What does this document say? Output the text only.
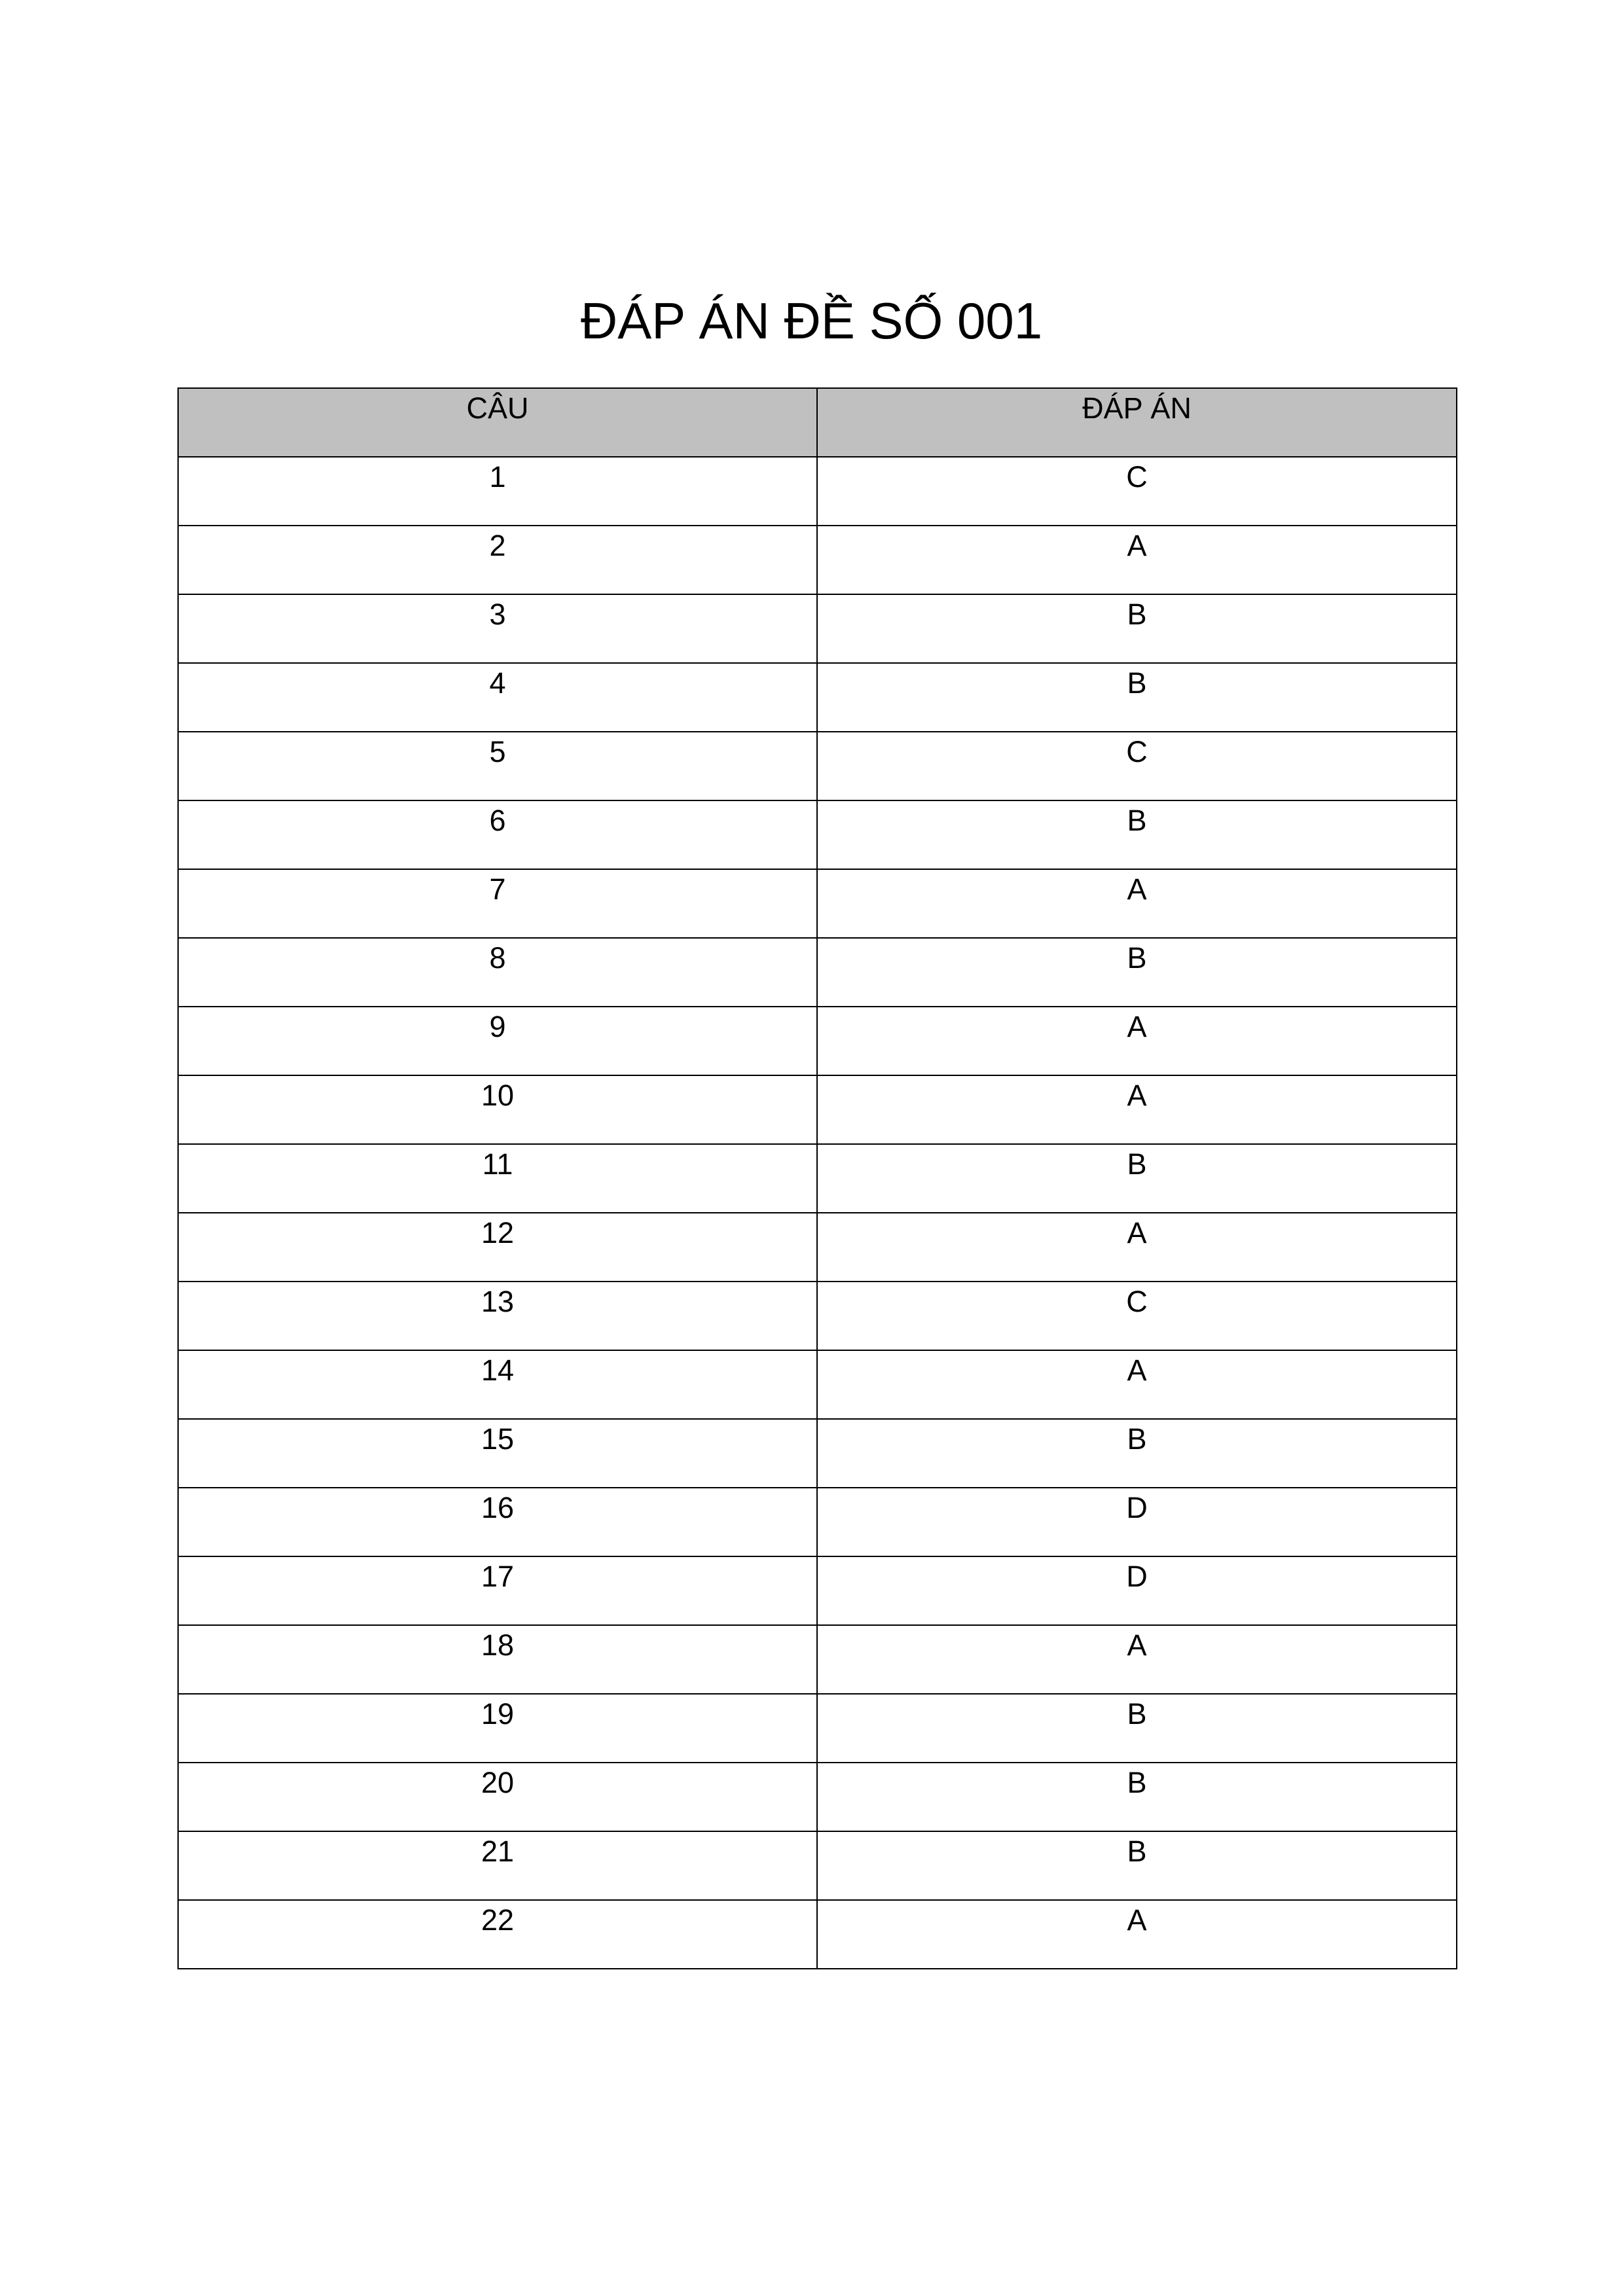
ĐÁP ÁN ĐỀ SỐ 001
CÂU	ĐÁP ÁN

1	C

2	A

3	B

4	B

5	C

6	B

7	A

8	B

9	A

10	A

11	B

12	A

13	C

14	A

15	B

16	D

17	D

18	A

19	B

20	B

21	B

22	A
